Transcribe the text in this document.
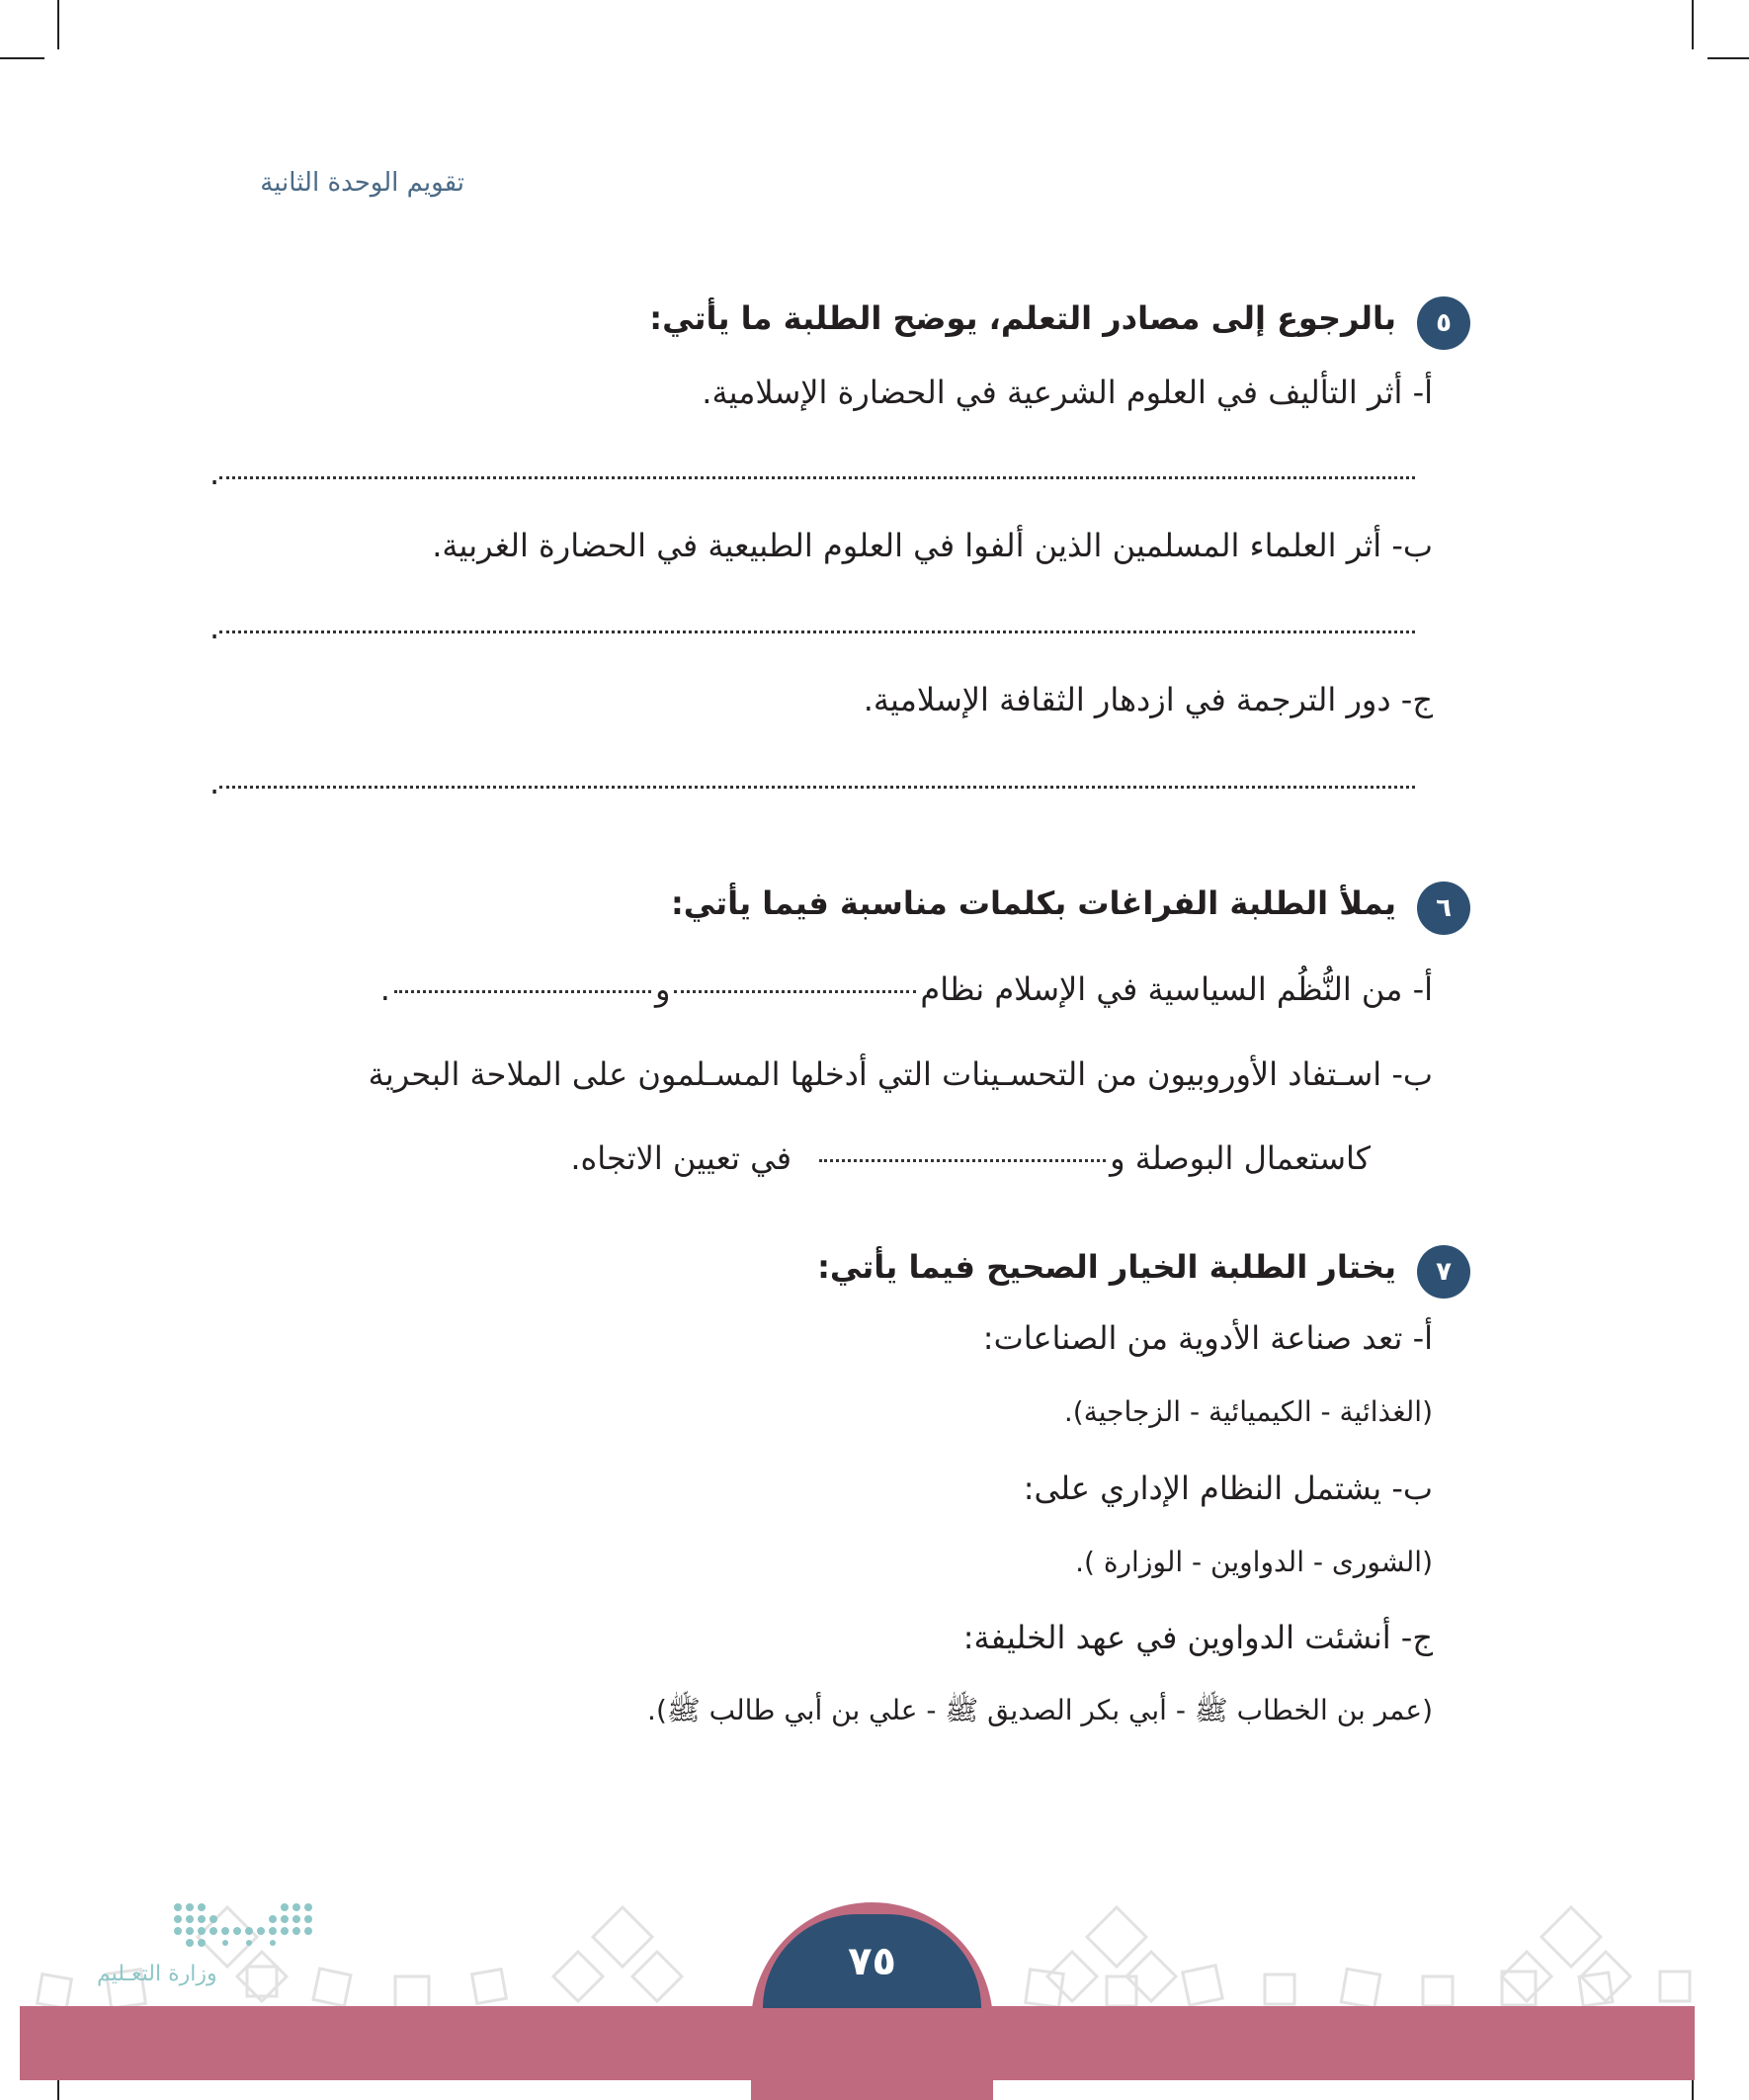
تقويم الوحدة الثانية
٥
بالرجوع إلى مصادر التعلم، يوضح الطلبة ما يأتي:
أ- أثر التأليف في العلوم الشرعية في الحضارة الإسلامية.
.
ب- أثر العلماء المسلمين الذين ألفوا في العلوم الطبيعية في الحضارة الغربية.
.
ج- دور الترجمة في ازدهار الثقافة الإسلامية.
.
٦
يملأ الطلبة الفراغات بكلمات مناسبة فيما يأتي:
أ- من النُّظُم السياسية في الإسلام نظامو.
ب- اسـتفاد الأوروبيون من التحسـينات التي أدخلها المسـلمون على الملاحة البحرية
كاستعمال البوصلة وفي تعيين الاتجاه.
٧
يختار الطلبة الخيار الصحيح فيما يأتي:
أ- تعد صناعة الأدوية من الصناعات:
(الغذائية - الكيميائية - الزجاجية).
ب- يشتمل النظام الإداري على:
(الشورى - الدواوين - الوزارة ).
ج- أنشئت الدواوين في عهد الخليفة:
(عمر بن الخطاب ﷺ - أبي بكر الصديق ﷺ - علي بن أبي طالب ﷺ).
وزارة التعـليم	٧٥
